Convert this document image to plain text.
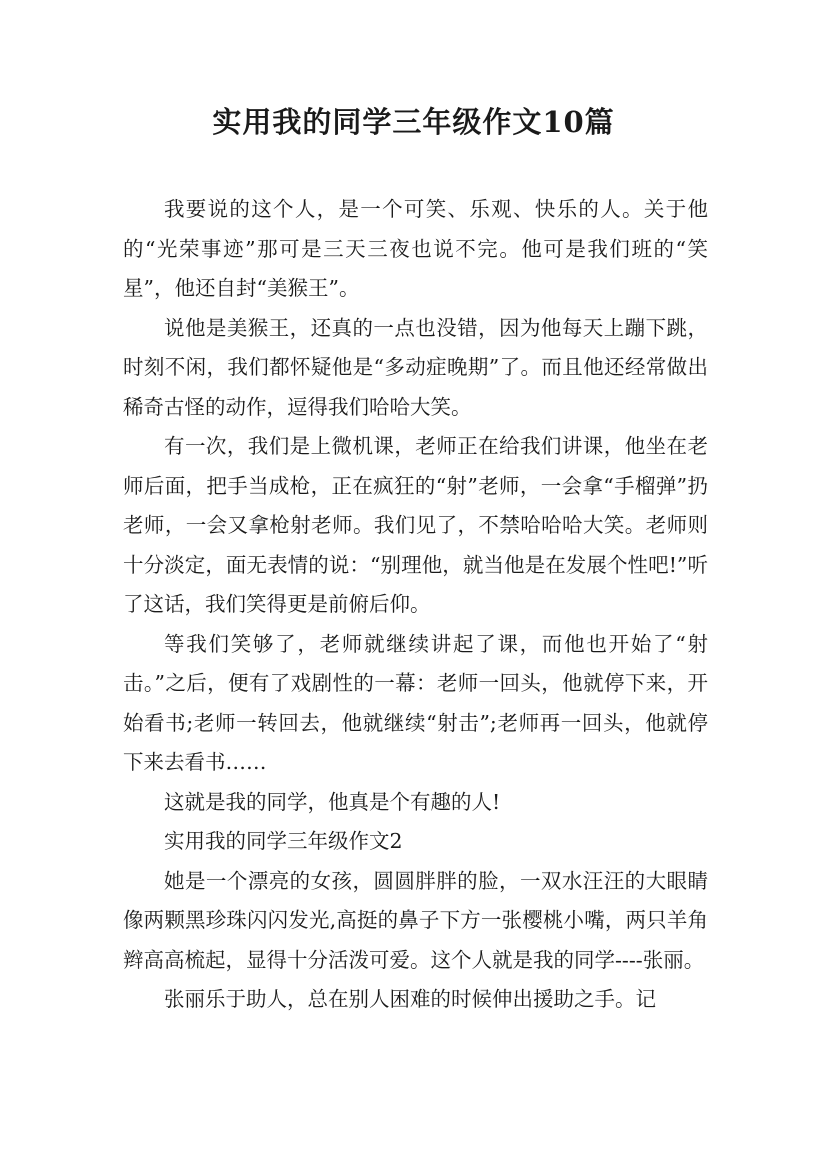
实用我的同学三年级作文10篇

我要说的这个人，是一个可笑、乐观、快乐的人。关于他的“光荣事迹”那可是三天三夜也说不完。他可是我们班的“笑星”，他还自封“美猴王”。

说他是美猴王，还真的一点也没错，因为他每天上蹦下跳，时刻不闲，我们都怀疑他是“多动症晚期”了。而且他还经常做出稀奇古怪的动作，逗得我们哈哈大笑。

有一次，我们是上微机课，老师正在给我们讲课，他坐在老师后面，把手当成枪，正在疯狂的“射”老师，一会拿“手榴弹”扔老师，一会又拿枪射老师。我们见了，不禁哈哈哈大笑。老师则十分淡定，面无表情的说：“别理他，就当他是在发展个性吧!”听了这话，我们笑得更是前俯后仰。

等我们笑够了，老师就继续讲起了课，而他也开始了“射击。”之后，便有了戏剧性的一幕：老师一回头，他就停下来，开始看书;老师一转回去，他就继续“射击”;老师再一回头，他就停下来去看书……

这就是我的同学，他真是个有趣的人!

实用我的同学三年级作文2

她是一个漂亮的女孩，圆圆胖胖的脸，一双水汪汪的大眼睛像两颗黑珍珠闪闪发光,高挺的鼻子下方一张樱桃小嘴，两只羊角辫高高梳起，显得十分活泼可爱。这个人就是我的同学----张丽。

张丽乐于助人，总在别人困难的时候伸出援助之手。记
